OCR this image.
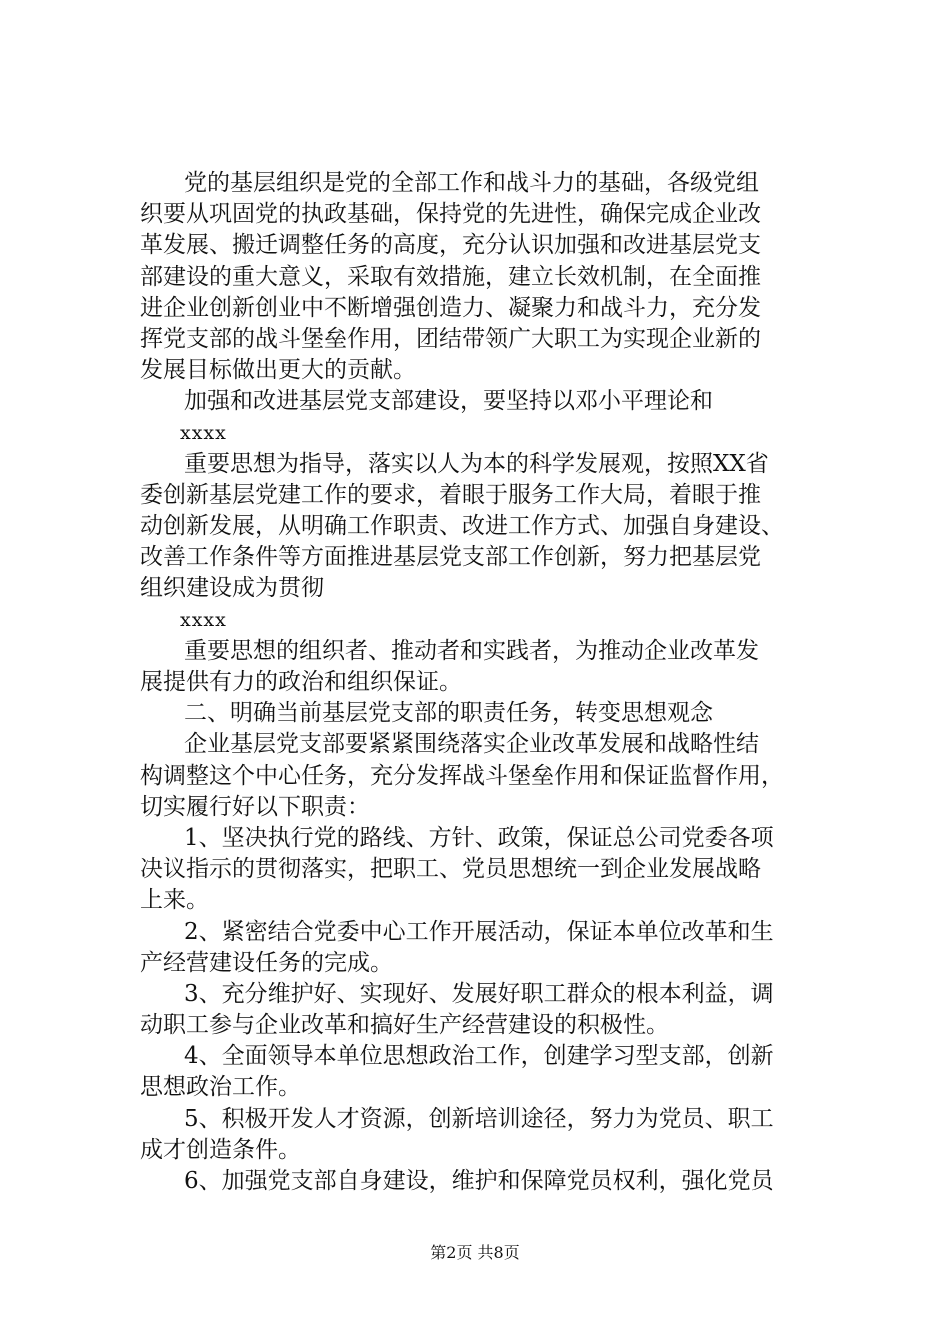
党的基层组织是党的全部工作和战斗力的基础，各级党组
织要从巩固党的执政基础，保持党的先进性，确保完成企业改
革发展、搬迁调整任务的高度，充分认识加强和改进基层党支
部建设的重大意义，采取有效措施，建立长效机制，在全面推
进企业创新创业中不断增强创造力、凝聚力和战斗力，充分发
挥党支部的战斗堡垒作用，团结带领广大职工为实现企业新的
发展目标做出更大的贡献。
加强和改进基层党支部建设，要坚持以邓小平理论和
xxxx
重要思想为指导，落实以人为本的科学发展观，按照XX省
委创新基层党建工作的要求，着眼于服务工作大局，着眼于推
动创新发展，从明确工作职责、改进工作方式、加强自身建设、
改善工作条件等方面推进基层党支部工作创新，努力把基层党
组织建设成为贯彻
xxxx
重要思想的组织者、推动者和实践者，为推动企业改革发
展提供有力的政治和组织保证。
二、明确当前基层党支部的职责任务，转变思想观念
企业基层党支部要紧紧围绕落实企业改革发展和战略性结
构调整这个中心任务，充分发挥战斗堡垒作用和保证监督作用，
切实履行好以下职责：
1、坚决执行党的路线、方针、政策，保证总公司党委各项
决议指示的贯彻落实，把职工、党员思想统一到企业发展战略
上来。
2、紧密结合党委中心工作开展活动，保证本单位改革和生
产经营建设任务的完成。
3、充分维护好、实现好、发展好职工群众的根本利益，调
动职工参与企业改革和搞好生产经营建设的积极性。
4、全面领导本单位思想政治工作，创建学习型支部，创新
思想政治工作。
5、积极开发人才资源，创新培训途径，努力为党员、职工
成才创造条件。
6、加强党支部自身建设，维护和保障党员权利，强化党员
第2页 共8页
